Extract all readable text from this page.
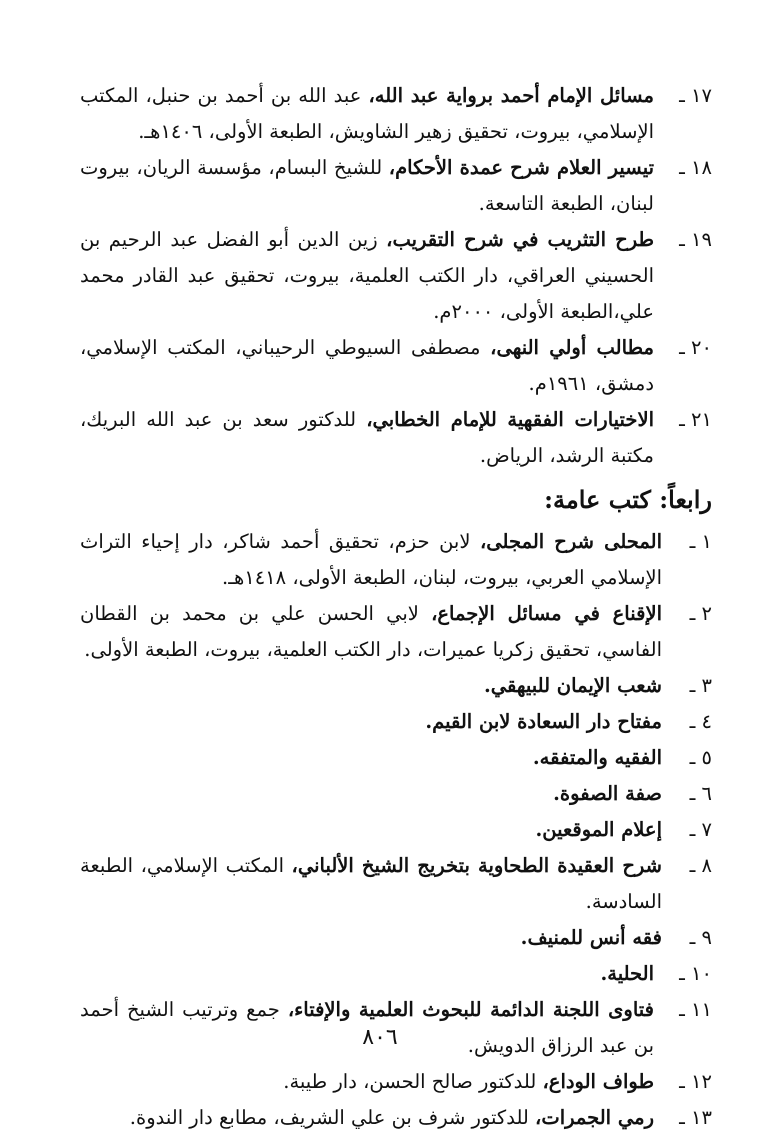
١٧ ـ
مسائل الإمام أحمد برواية عبد الله، عبد الله بن أحمد بن حنبل، المكتب الإسلامي، بيروت، تحقيق زهير الشاويش، الطبعة الأولى، ١٤٠٦هـ.

١٨ ـ
تيسير العلام شرح عمدة الأحكام، للشيخ البسام، مؤسسة الريان، بيروت لبنان، الطبعة التاسعة.

١٩ ـ
طرح التثريب في شرح التقريب، زين الدين أبو الفضل عبد الرحيم بن الحسيني العراقي، دار الكتب العلمية، بيروت، تحقيق عبد القادر محمد علي،الطبعة الأولى، ٢٠٠٠م.

٢٠ ـ
مطالب أولي النهى، مصطفى السيوطي الرحيباني، المكتب الإسلامي، دمشق، ١٩٦١م.

٢١ ـ
الاختيارات الفقهية للإمام الخطابي، للدكتور سعد بن عبد الله البريك، مكتبة الرشد، الرياض.

رابعاً: كتب عامة:

١ ـ
المحلى شرح المجلى، لابن حزم، تحقيق أحمد شاكر، دار إحياء التراث الإسلامي العربي، بيروت، لبنان، الطبعة الأولى، ١٤١٨هـ.

٢ ـ
الإقناع في مسائل الإجماع، لابي الحسن علي بن محمد بن القطان الفاسي، تحقيق زكريا عميرات، دار الكتب العلمية، بيروت، الطبعة الأولى.

٣ ـ
شعب الإيمان للبيهقي.

٤ ـ
مفتاح دار السعادة لابن القيم.

٥ ـ
الفقيه والمتفقه.

٦ ـ
صفة الصفوة.

٧ ـ
إعلام الموقعين.

٨ ـ
شرح العقيدة الطحاوية بتخريج الشيخ الألباني، المكتب الإسلامي، الطبعة السادسة.

٩ ـ
فقه أنس للمنيف.

١٠ ـ
الحلية.

١١ ـ
فتاوى اللجنة الدائمة للبحوث العلمية والإفتاء، جمع وترتيب الشيخ أحمد بن عبد الرزاق الدويش.

١٢ ـ
طواف الوداع، للدكتور صالح الحسن، دار طيبة.

١٣ ـ
رمي الجمرات، للدكتور شرف بن علي الشريف، مطابع دار الندوة.

٨٠٦
